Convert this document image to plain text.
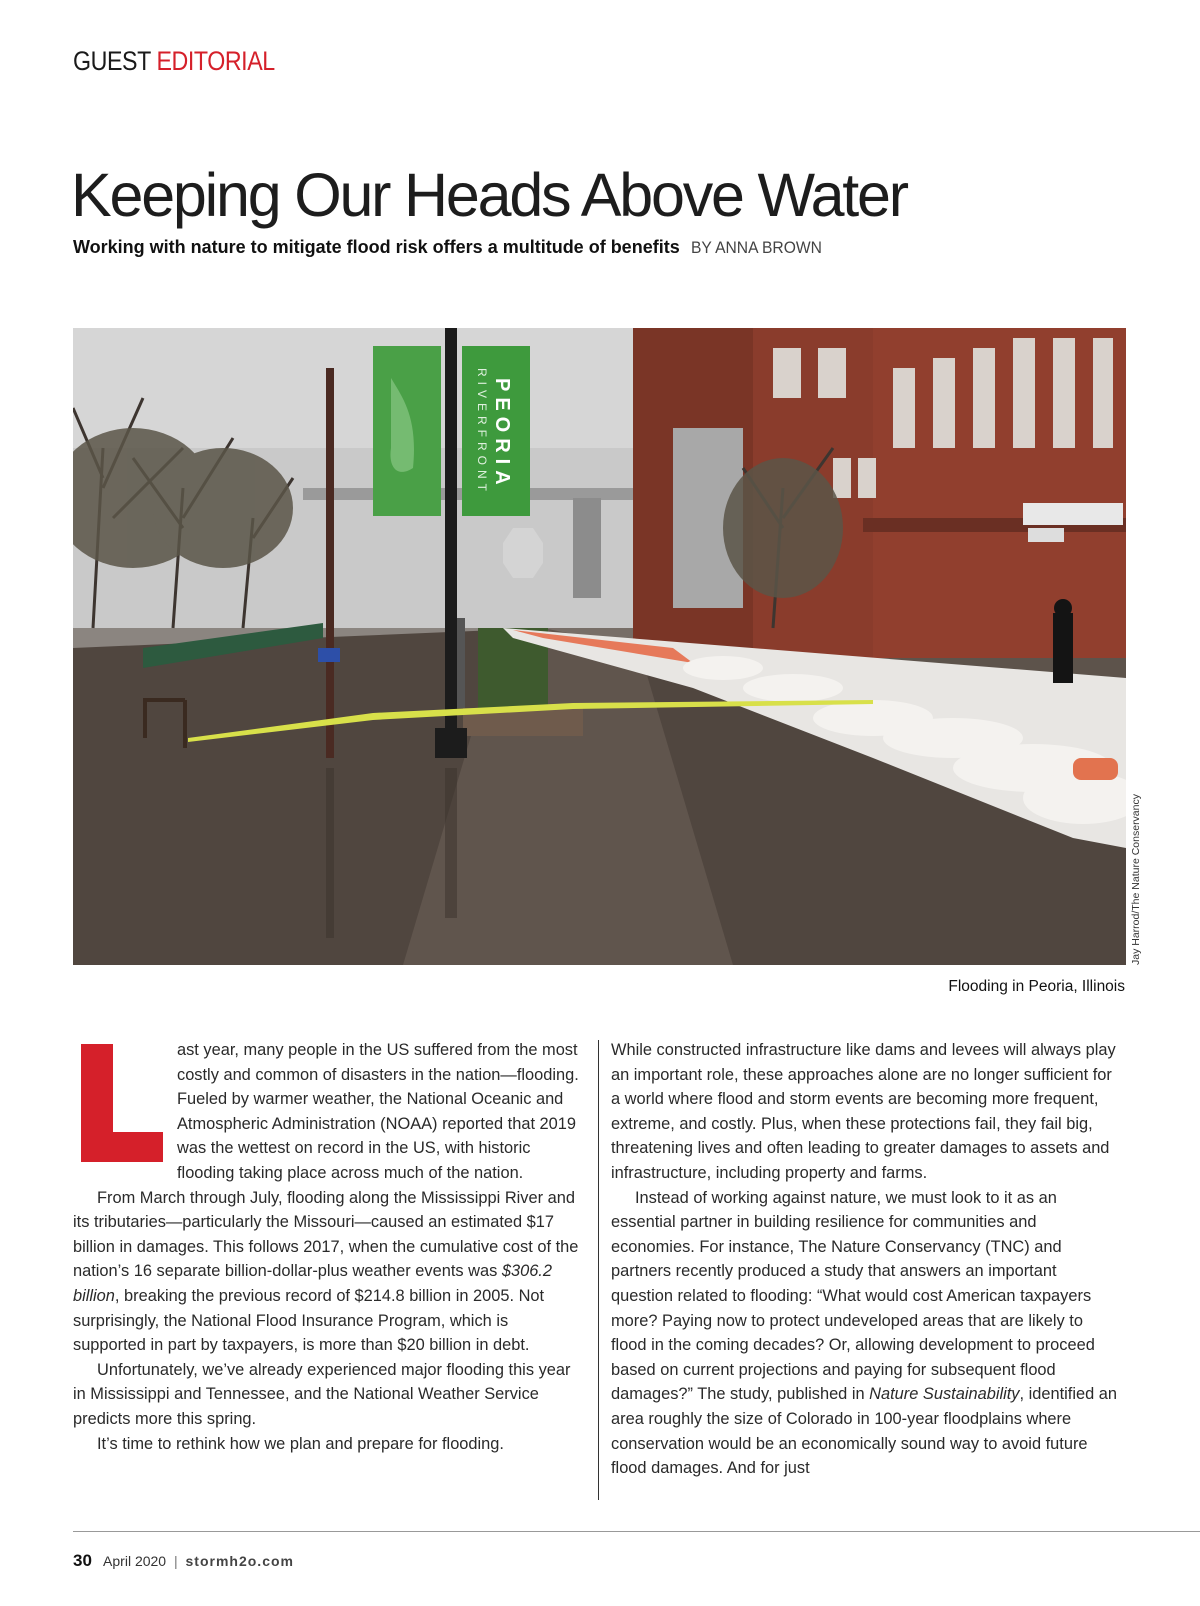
GUEST EDITORIAL
Keeping Our Heads Above Water
Working with nature to mitigate flood risk offers a multitude of benefits BY ANNA BROWN
PEORIA
RIVERFRONT
Jay Harrod/The Nature Conservancy
Flooding in Peoria, Illinois

ast year, many people in the US suffered from the most costly and common of disasters in the nation—flooding. Fueled by warmer weather, the National Oceanic and Atmospheric Administration (NOAA) reported that 2019 was the wettest on record in the US, with historic flooding taking place across much of the nation.

From March through July, flooding along the Mississippi River and its tributaries—particularly the Missouri—caused an estimated $17 billion in damages. This follows 2017, when the cumulative cost of the nation’s 16 separate billion-dollar-plus weather events was $306.2 billion, breaking the previous record of $214.8 billion in 2005. Not surprisingly, the National Flood Insurance Program, which is supported in part by taxpayers, is more than $20 billion in debt.

Unfortunately, we’ve already experienced major flooding this year in Mississippi and Tennessee, and the National Weather Service predicts more this spring.

It’s time to rethink how we plan and prepare for flooding.

While constructed infrastructure like dams and levees will always play an important role, these approaches alone are no longer sufficient for a world where flood and storm events are becoming more frequent, extreme, and costly. Plus, when these protections fail, they fail big, threatening lives and often leading to greater damages to assets and infrastructure, including property and farms.

Instead of working against nature, we must look to it as an essential partner in building resilience for communities and economies. For instance, The Nature Conservancy (TNC) and partners recently produced a study that answers an important question related to flooding: “What would cost American taxpayers more? Paying now to protect undeveloped areas that are likely to flood in the coming decades? Or, allowing development to proceed based on current projections and paying for subsequent flood damages?” The study, published in Nature Sustainability, identified an area roughly the size of Colorado in 100-year floodplains where conservation would be an economically sound way to avoid future flood damages. And for just

30 April 2020 | stormh2o.com
